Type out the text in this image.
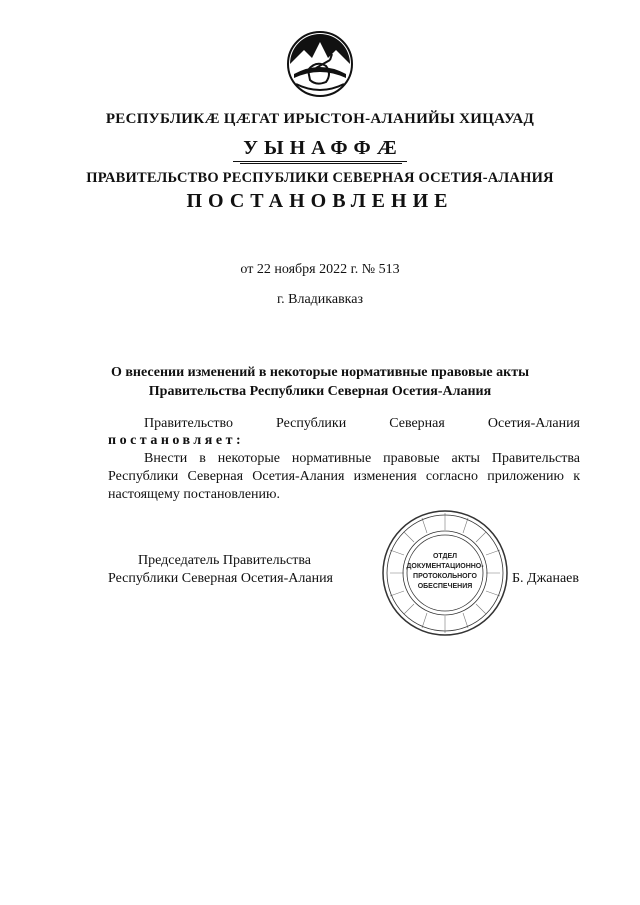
РЕСПУБЛИКӔ ЦӔГАТ ИРЫСТОН-АЛАНИЙЫ ХИЦАУАД
УЫНАФФӔ
ПРАВИТЕЛЬСТВО РЕСПУБЛИКИ СЕВЕРНАЯ ОСЕТИЯ-АЛАНИЯ
ПОСТАНОВЛЕНИЕ
от 22 ноября 2022 г. № 513
г. Владикавказ
О внесении изменений в некоторые нормативные правовые акты
Правительства Республики Северная Осетия-Алания
Правительство	Республики	Северная	Осетия-Алания
постановляет:
Внести в некоторые нормативные правовые акты Правительства Республики Северная Осетия-Алания изменения согласно приложению к настоящему постановлению.
Председатель Правительства
Республики Северная Осетия-Алания
ОТДЕЛ
ДОКУМЕНТАЦИОННО-
ПРОТОКОЛЬНОГО
ОБЕСПЕЧЕНИЯ
Б. Джанаев
